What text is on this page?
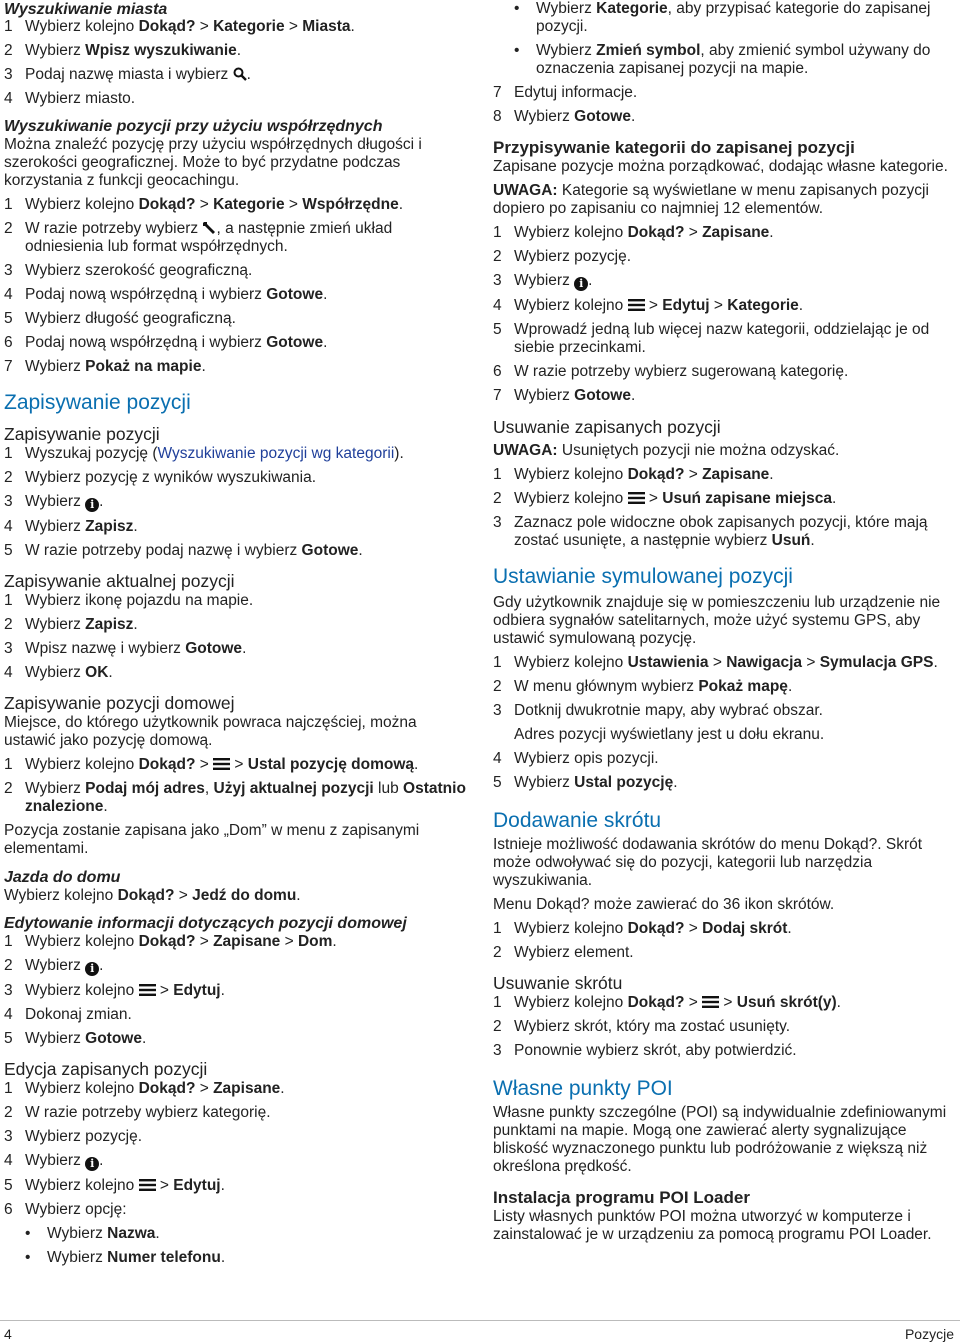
Wyszukiwanie miasta
1 Wybierz kolejno Dokąd? > Kategorie > Miasta.
2 Wybierz Wpisz wyszukiwanie.
3 Podaj nazwę miasta i wybierz .
4 Wybierz miasto.
Wyszukiwanie pozycji przy użyciu współrzędnych

Można znaleźć pozycję przy użyciu współrzędnych długości i szerokości geograficznej. Może to być przydatne podczas korzystania z funkcji geocachingu.

1 Wybierz kolejno Dokąd? > Kategorie > Współrzędne.
2 W razie potrzeby wybierz , a następnie zmień układ odniesienia lub format współrzędnych.
3 Wybierz szerokość geograficzną.
4 Podaj nową współrzędną i wybierz Gotowe.
5 Wybierz długość geograficzną.
6 Podaj nową współrzędną i wybierz Gotowe.
7 Wybierz Pokaż na mapie.
Zapisywanie pozycji
Zapisywanie pozycji
1 Wyszukaj pozycję (Wyszukiwanie pozycji wg kategorii).
2 Wybierz pozycję z wyników wyszukiwania.
3 Wybierz i .
4 Wybierz Zapisz.
5 W razie potrzeby podaj nazwę i wybierz Gotowe.
Zapisywanie aktualnej pozycji
1 Wybierz ikonę pojazdu na mapie.
2 Wybierz Zapisz.
3 Wpisz nazwę i wybierz Gotowe.
4 Wybierz OK.
Zapisywanie pozycji domowej

Miejsce, do którego użytkownik powraca najczęściej, można ustawić jako pozycję domową.

1 Wybierz kolejno Dokąd? >  > Ustal pozycję domową.
2 Wybierz Podaj mój adres, Użyj aktualnej pozycji lub Ostatnio znalezione.

Pozycja zostanie zapisana jako „Dom” w menu z zapisanymi elementami.

Jazda do domu

Wybierz kolejno Dokąd? > Jedź do domu.

Edytowanie informacji dotyczących pozycji domowej
1 Wybierz kolejno Dokąd? > Zapisane > Dom.
2 Wybierz i .
3 Wybierz kolejno  > Edytuj.
4 Dokonaj zmian.
5 Wybierz Gotowe.
Edycja zapisanych pozycji
1 Wybierz kolejno Dokąd? > Zapisane.
2 W razie potrzeby wybierz kategorię.
3 Wybierz pozycję.
4 Wybierz i .
5 Wybierz kolejno  > Edytuj.
6 Wybierz opcję:
•	Wybierz Nazwa.
•	Wybierz Numer telefonu.
•	Wybierz Kategorie, aby przypisać kategorie do zapisanej pozycji.
•	Wybierz Zmień symbol, aby zmienić symbol używany do oznaczenia zapisanej pozycji na mapie.
7 Edytuj informacje.
8 Wybierz Gotowe.
Przypisywanie kategorii do zapisanej pozycji

Zapisane pozycje można porządkować, dodając własne kategorie.

UWAGA: Kategorie są wyświetlane w menu zapisanych pozycji dopiero po zapisaniu co najmniej 12 elementów.

1 Wybierz kolejno Dokąd? > Zapisane.
2 Wybierz pozycję.
3 Wybierz i .
4 Wybierz kolejno  > Edytuj > Kategorie.
5 Wprowadź jedną lub więcej nazw kategorii, oddzielając je od siebie przecinkami.
6 W razie potrzeby wybierz sugerowaną kategorię.
7 Wybierz Gotowe.
Usuwanie zapisanych pozycji

UWAGA: Usuniętych pozycji nie można odzyskać.

1 Wybierz kolejno Dokąd? > Zapisane.
2 Wybierz kolejno  > Usuń zapisane miejsca.
3 Zaznacz pole widoczne obok zapisanych pozycji, które mają zostać usunięte, a następnie wybierz Usuń.
Ustawianie symulowanej pozycji

Gdy użytkownik znajduje się w pomieszczeniu lub urządzenie nie odbiera sygnałów satelitarnych, może użyć systemu GPS, aby ustawić symulowaną pozycję.

1 Wybierz kolejno Ustawienia > Nawigacja > Symulacja GPS.
2 W menu głównym wybierz Pokaż mapę.
3 Dotknij dwukrotnie mapy, aby wybrać obszar.

Adres pozycji wyświetlany jest u dołu ekranu.

4 Wybierz opis pozycji.
5 Wybierz Ustal pozycję.
Dodawanie skrótu

Istnieje możliwość dodawania skrótów do menu Dokąd?. Skrót może odwoływać się do pozycji, kategorii lub narzędzia wyszukiwania.

Menu Dokąd? może zawierać do 36 ikon skrótów.

1 Wybierz kolejno Dokąd? > Dodaj skrót.
2 Wybierz element.
Usuwanie skrótu
1 Wybierz kolejno Dokąd? >  > Usuń skrót(y).
2 Wybierz skrót, który ma zostać usunięty.
3 Ponownie wybierz skrót, aby potwierdzić.
Własne punkty POI

Własne punkty szczególne (POI) są indywidualnie zdefiniowanymi punktami na mapie. Mogą one zawierać alerty sygnalizujące bliskość wyznaczonego punktu lub podróżowanie z większą niż określona prędkość.

Instalacja programu POI Loader

Listy własnych punktów POI można utworzyć w komputerze i zainstalować je w urządzeniu za pomocą programu POI Loader.

4	Pozycje
